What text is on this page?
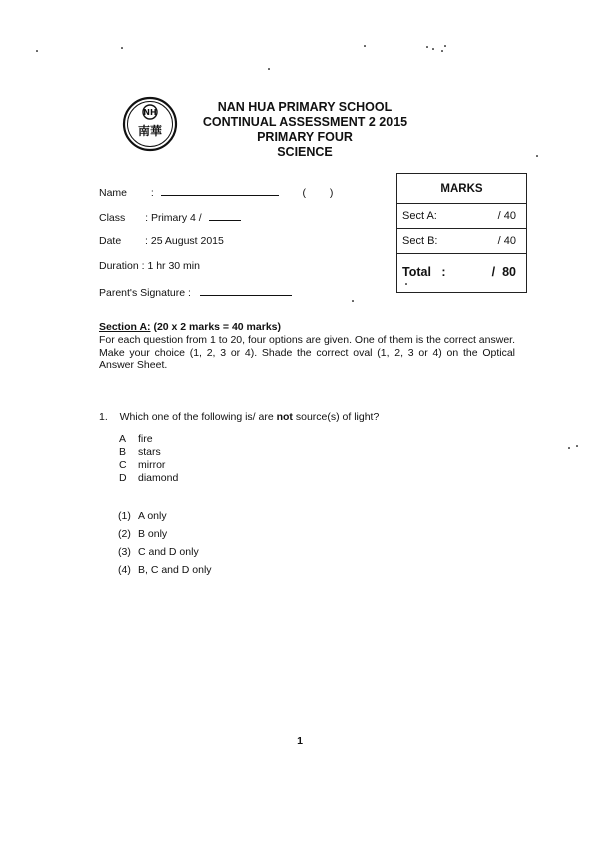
NH
南華
NAN HUA PRIMARY SCHOOL
CONTINUAL ASSESSMENT 2 2015
PRIMARY FOUR
SCIENCE
Name :	( )
Class : Primary 4 /
Date : 25 August 2015
Duration : 1 hr 30 min
Parent's Signature :
MARKS
Sect A:	/ 40
Sect B:	/ 40
Total   :	/  80
Section A: (20 x 2 marks = 40 marks)
For each question from 1 to 20, four options are given. One of them is the correct answer. Make your choice (1, 2, 3 or 4). Shade the correct oval (1, 2, 3 or 4) on the Optical Answer Sheet.
1. Which one of the following is/ are not source(s) of light?
A fire
B stars
C mirror
D diamond
(1) A only
(2) B only
(3) C and D only
(4) B, C and D only
1
